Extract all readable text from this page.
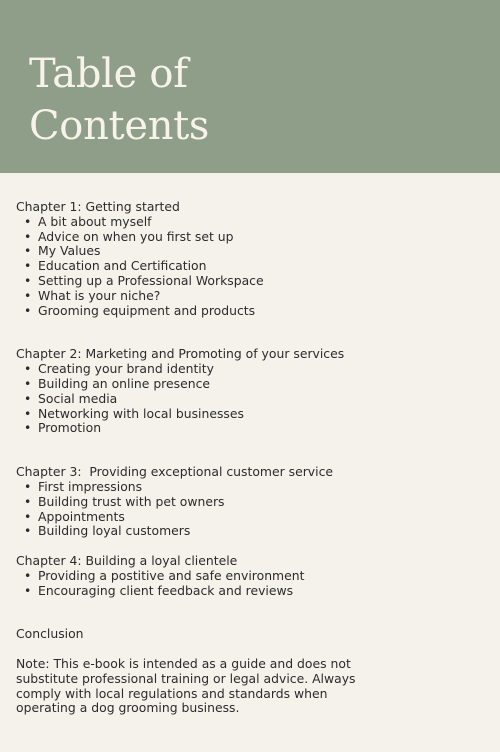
Table of
Contents

Chapter 1: Getting started

• A bit about myself
• Advice on when you first set up
• My Values
• Education and Certification
• Setting up a Professional Workspace
• What is your niche?
• Grooming equipment and products

Chapter 2: Marketing and Promoting of your services

• Creating your brand identity
• Building an online presence
• Social media
• Networking with local businesses
• Promotion

Chapter 3:  Providing exceptional customer service

• First impressions
• Building trust with pet owners
• Appointments
• Building loyal customers

Chapter 4: Building a loyal clientele

• Providing a postitive and safe environment
• Encouraging client feedback and reviews

Conclusion

Note: This e-book is intended as a guide and does not
substitute professional training or legal advice. Always
comply with local regulations and standards when
operating a dog grooming business.
